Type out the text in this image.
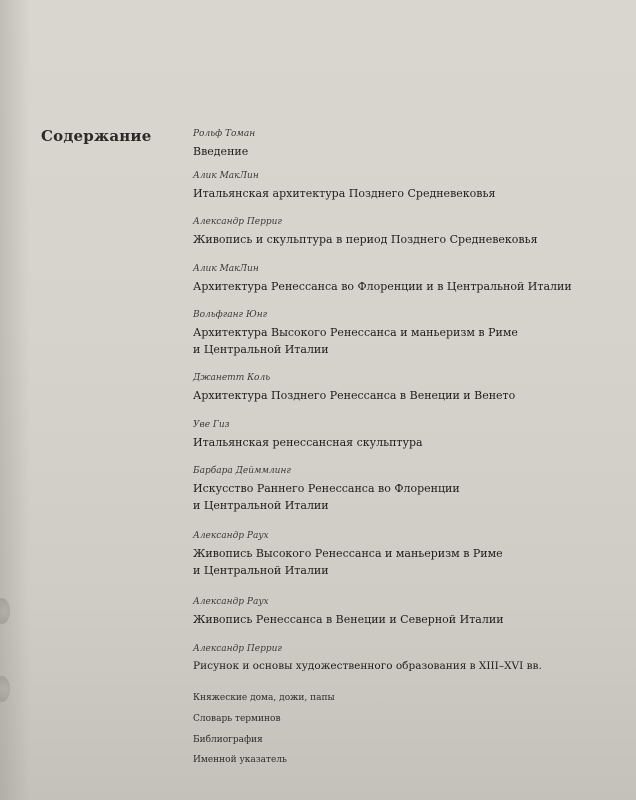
Содержание	Рольф Томан
Введение
Алик МакЛин
Итальянская архитектура Позднего Средневековья
Александр Перриг
Живопись и скульптура в период Позднего Средневековья
Алик МакЛин
Архитектура Ренессанса во Флоренции и в Центральной Италии
Вольфганг Юнг
Архитектура Высокого Ренессанса и маньеризм в Риме
и Центральной Италии
Джанетт Коль
Архитектура Позднего Ренессанса в Венеции и Венето
Уве Гиз
Итальянская ренессансная скульптура
Барбара Дейммлинг
Искусство Раннего Ренессанса во Флоренции
и Центральной Италии
Александр Раух
Живопись Высокого Ренессанса и маньеризм в Риме
и Центральной Италии
Александр Раух
Живопись Ренессанса в Венеции и Северной Италии
Александр Перриг
Рисунок и основы художественного образования в XIII–XVI вв.
Княжеские дома, дожи, папы
Словарь терминов
Библиография
Именной указатель
